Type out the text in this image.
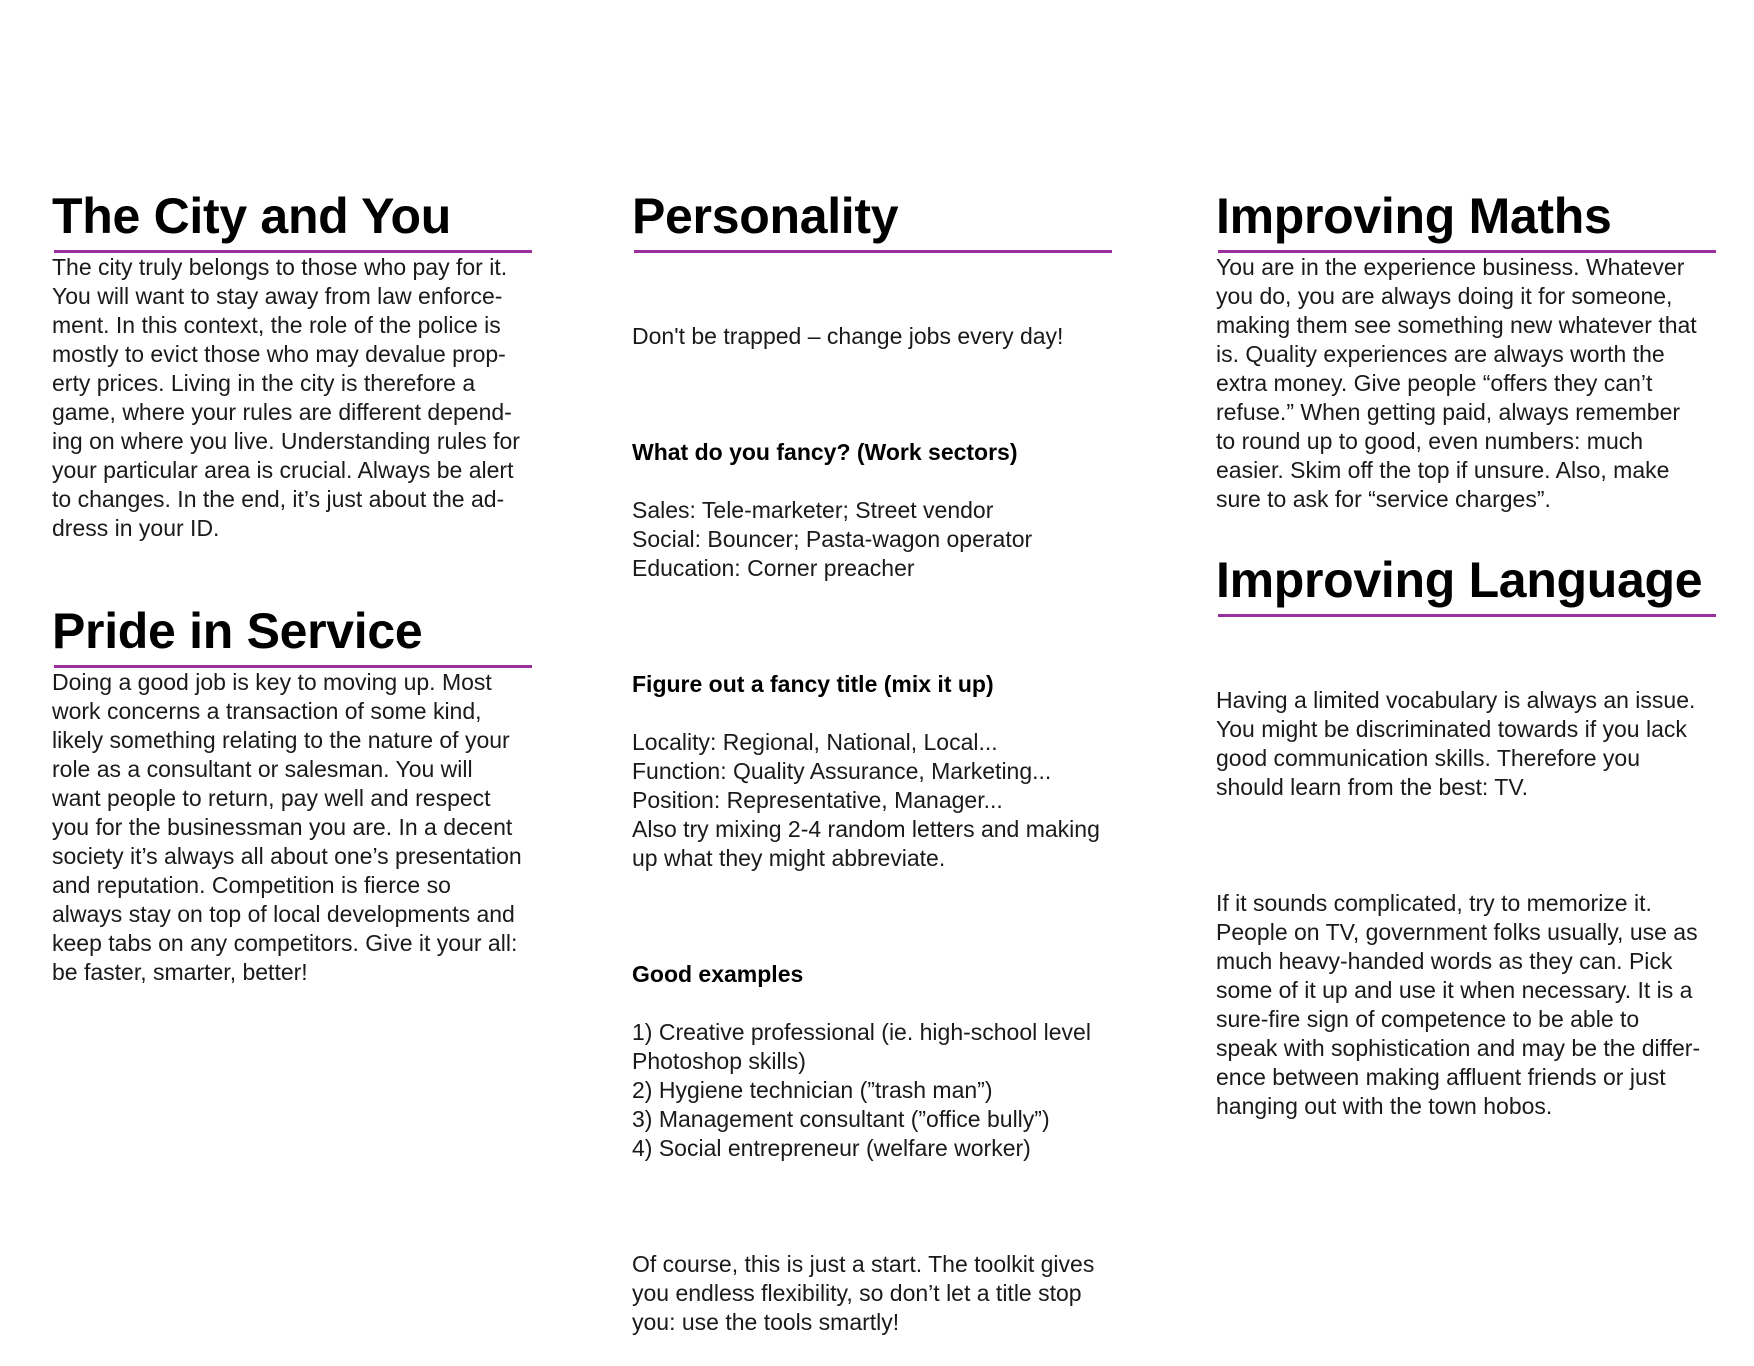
The City and You

The city truly belongs to those who pay for it.
You will want to stay away from law enforce-
ment. In this context, the role of the police is
mostly to evict those who may devalue prop-
erty prices. Living in the city is therefore a
game, where your rules are different depend-
ing on where you live. Understanding rules for
your particular area is crucial. Always be alert
to changes. In the end, it’s just about the ad-
dress in your ID.

Pride in Service

Doing a good job is key to moving up. Most
work concerns a transaction of some kind,
likely something relating to the nature of your
role as a consultant or salesman. You will
want people to return, pay well and respect
you for the businessman you are. In a decent
society it’s always all about one’s presentation
and reputation. Competition is fierce so
always stay on top of local developments and
keep tabs on any competitors. Give it your all:
be faster, smarter, better!

Personality

Don't be trapped – change jobs every day!

What do you fancy? (Work sectors)

Sales: Tele-marketer; Street vendor
Social: Bouncer; Pasta-wagon operator
Education: Corner preacher

Figure out a fancy title (mix it up)

Locality: Regional, National, Local...
Function: Quality Assurance, Marketing...
Position: Representative, Manager...
Also try mixing 2-4 random letters and making
up what they might abbreviate.

Good examples

1) Creative professional (ie. high-school level
Photoshop skills)
2) Hygiene technician (”trash man”)
3) Management consultant (”office bully”)
4) Social entrepreneur (welfare worker)

Of course, this is just a start. The toolkit gives
you endless flexibility, so don’t let a title stop
you: use the tools smartly!

Improving Maths

You are in the experience business. Whatever
you do, you are always doing it for someone,
making them see something new whatever that
is. Quality experiences are always worth the
extra money. Give people “offers they can’t
refuse.” When getting paid, always remember
to round up to good, even numbers: much
easier. Skim off the top if unsure. Also, make
sure to ask for “service charges”.

Improving Language

Having a limited vocabulary is always an issue.
You might be discriminated towards if you lack
good communication skills. Therefore you
should learn from the best: TV.

If it sounds complicated, try to memorize it.
People on TV, government folks usually, use as
much heavy-handed words as they can. Pick
some of it up and use it when necessary. It is a
sure-fire sign of competence to be able to
speak with sophistication and may be the differ-
ence between making affluent friends or just
hanging out with the town hobos.
